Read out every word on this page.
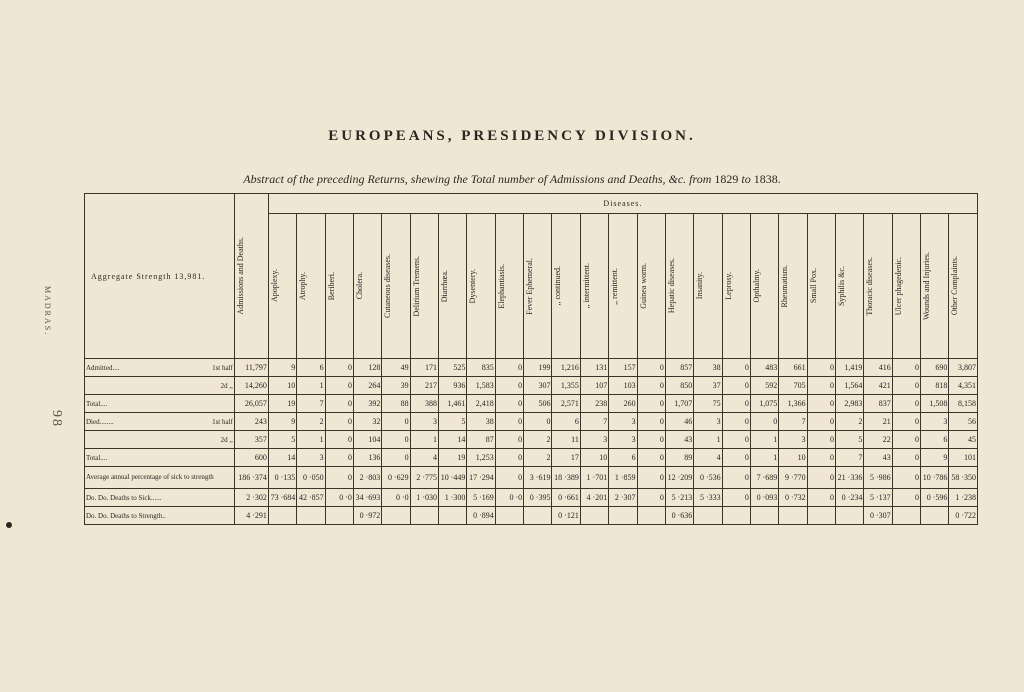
MADRAS.
98
EUROPEANS, PRESIDENCY DIVISION.
Abstract of the preceding Returns, shewing the Total number of Admissions and Deaths, &c. from 1829 to 1838.
Aggregate Strength 13,981.	Admissions and Deaths.	Diseases.																								

		Apoplexy.	Atrophy.	Beriberi.	Cholera.	Cutaneous diseases.	Delirium Tremens.	Diarrhœa.	Dysentery.	Elephantiasis.	Fever Ephemeral.	,, continued.	,, intermittent.	,, remittent.	Guinea worm.	Hepatic diseases.	Insanity.	Leprosy.	Opthalmy.	Rheumatism.	Small Pox.	Syphilis &c.	Thoracic diseases.	Ulcer phagedenic.	Wounds and Injuries.	Other Complaints.

Admitted.... 1st half	11,797	9	6	0	128	49	171	525	835	0	199	1,216	131	157	0	857	38	0	483	661	0	1,419	416	0	690	3,807

2d ,,	14,260	10	1	0	264	39	217	936	1,583	0	307	1,355	107	103	0	850	37	0	592	705	0	1,564	421	0	818	4,351
Total....	26,057	19	7	0	392	88	388	1,461	2,418	0	506	2,571	238	260	0	1,707	75	0	1,075	1,366	0	2,983	837	0	1,508	8,158
Died........ 1st half	243	9	2	0	32	0	3	5	38	0	0	6	7	3	0	46	3	0	0	7	0	2	21	0	3	56

2d ,,	357	5	1	0	104	0	1	14	87	0	2	11	3	3	0	43	1	0	1	3	0	5	22	0	6	45
Total....	600	14	3	0	136	0	4	19	1,253	0	2	17	10	6	0	89	4	0	1	10	0	7	43	0	9	101
Average annual percentage of sick to strength	186 ·374	0 ·135	0 ·050	0	2 ·803	0 ·629	2 ·775	10 ·449	17 ·294	0	3 ·619	18 ·389	1 ·701	1 ·859	0	12 ·209	0 ·536	0	7 ·689	9 ·770	0	21 ·336	5 ·986	0	10 ·786	58 ·350
Do. Do. Deaths to Sick......	2 ·302	73 ·684	42 ·857	0 ·0	34 ·693	0 ·0	1 ·030	1 ·300	5 ·169	0 ·0	0 ·395	0 ·661	4 ·201	2 ·307	0	5 ·213	5 ·333	0	0 ·093	0 ·732	0	0 ·234	5 ·137	0	0 ·596	1 ·238
Do. Do. Deaths to Strength..	4 ·291				0 ·972				0 ·894			0 ·121				0 ·636							0 ·307			0 ·722
